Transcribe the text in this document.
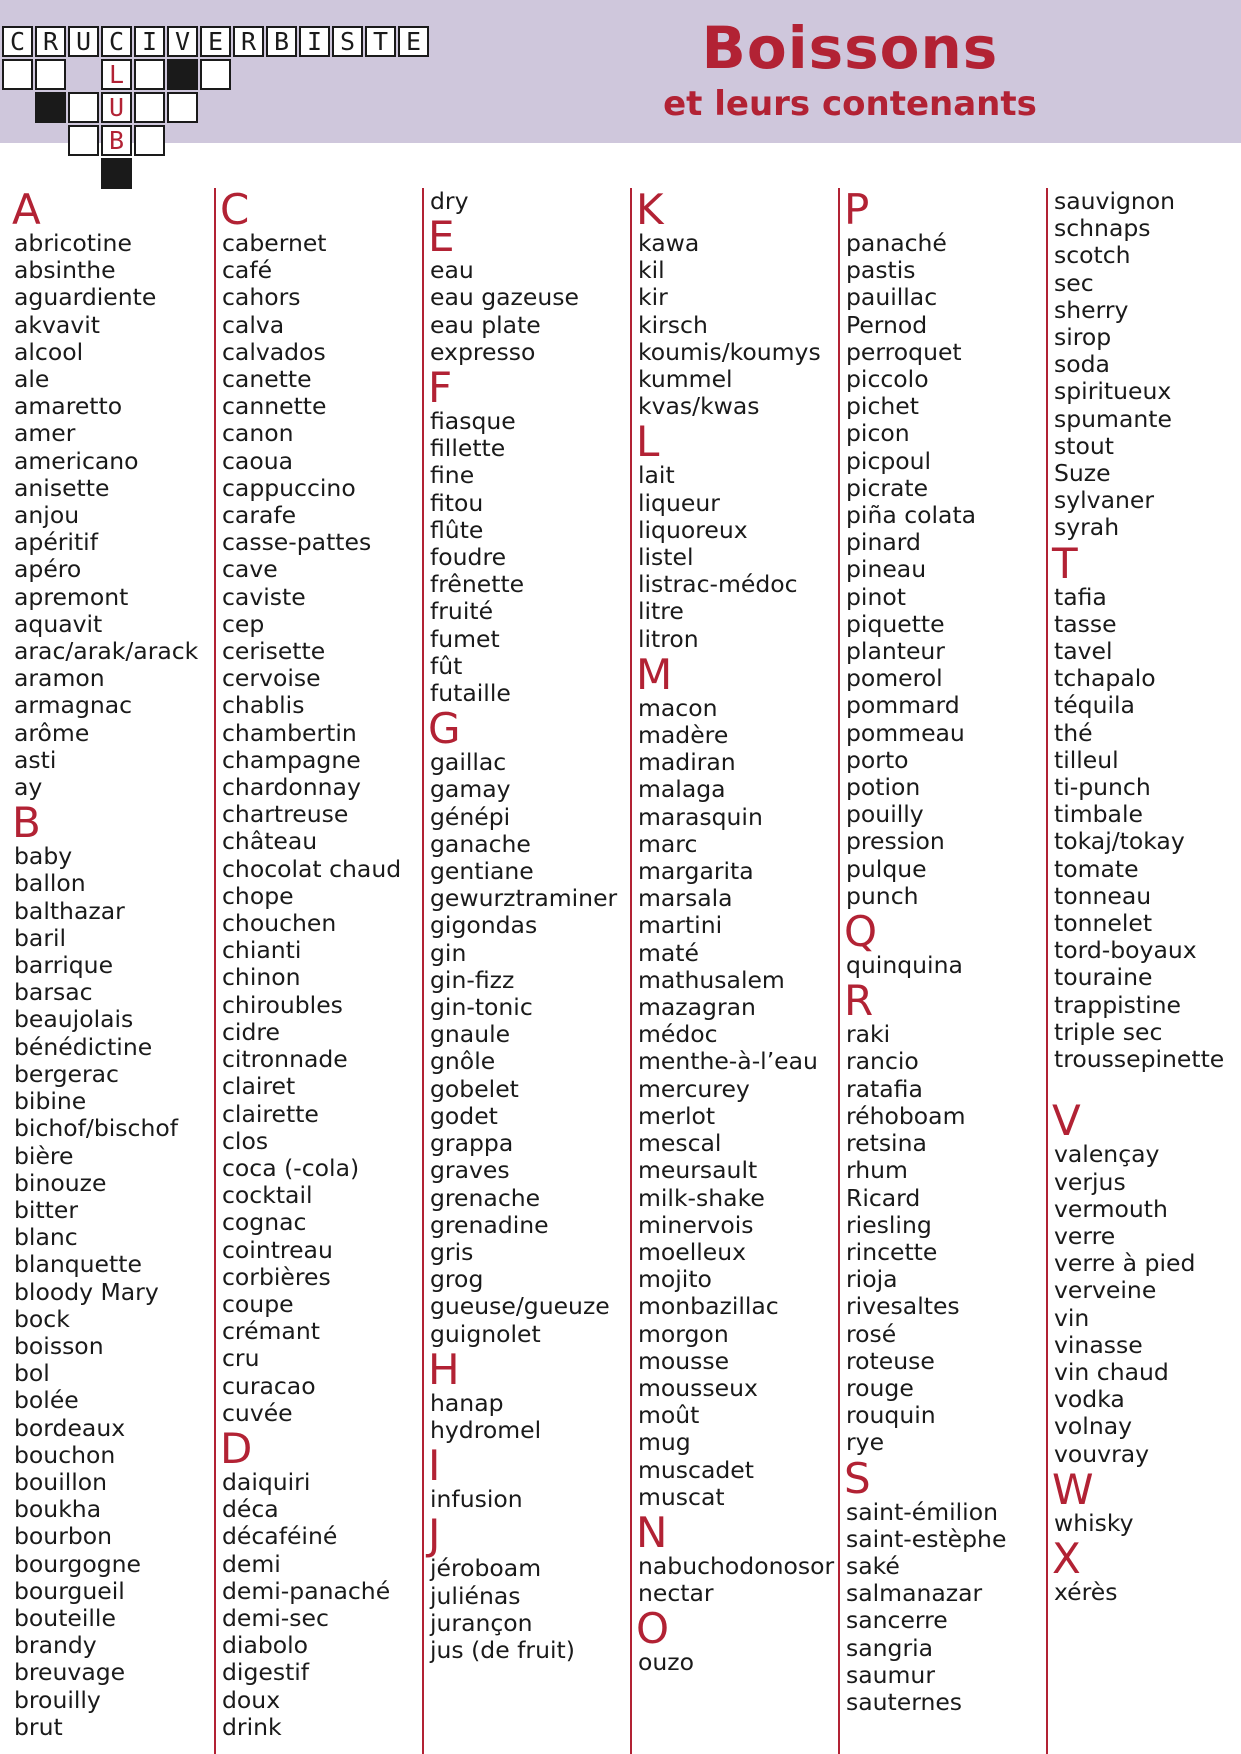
C R U C I V E R B I S T E
L
U
B
Boissons
et leurs contenants
A
abricotine
absinthe
aguardiente
akvavit
alcool
ale
amaretto
amer
americano
anisette
anjou
apéritif
apéro
apremont
aquavit
arac/arak/arack
aramon
armagnac
arôme
asti
ay
B
baby
ballon
balthazar
baril
barrique
barsac
beaujolais
bénédictine
bergerac
bibine
bichof/bischof
bière
binouze
bitter
blanc
blanquette
bloody Mary
bock
boisson
bol
bolée
bordeaux
bouchon
bouillon
boukha
bourbon
bourgogne
bourgueil
bouteille
brandy
breuvage
brouilly
brut
C
cabernet
café
cahors
calva
calvados
canette
cannette
canon
caoua
cappuccino
carafe
casse-pattes
cave
caviste
cep
cerisette
cervoise
chablis
chambertin
champagne
chardonnay
chartreuse
château
chocolat chaud
chope
chouchen
chianti
chinon
chiroubles
cidre
citronnade
clairet
clairette
clos
coca (-cola)
cocktail
cognac
cointreau
corbières
coupe
crémant
cru
curacao
cuvée
D
daiquiri
déca
décaféiné
demi
demi-panaché
demi-sec
diabolo
digestif
doux
drink
dry
E
eau
eau gazeuse
eau plate
expresso
F
fiasque
fillette
fine
fitou
flûte
foudre
frênette
fruité
fumet
fût
futaille
G
gaillac
gamay
génépi
ganache
gentiane
gewurztraminer
gigondas
gin
gin-fizz
gin-tonic
gnaule
gnôle
gobelet
godet
grappa
graves
grenache
grenadine
gris
grog
gueuse/gueuze
guignolet
H
hanap
hydromel
I
infusion
J
jéroboam
juliénas
jurançon
jus (de fruit)
K
kawa
kil
kir
kirsch
koumis/koumys
kummel
kvas/kwas
L
lait
liqueur
liquoreux
listel
listrac-médoc
litre
litron
M
macon
madère
madiran
malaga
marasquin
marc
margarita
marsala
martini
maté
mathusalem
mazagran
médoc
menthe-à-l’eau
mercurey
merlot
mescal
meursault
milk-shake
minervois
moelleux
mojito
monbazillac
morgon
mousse
mousseux
moût
mug
muscadet
muscat
N
nabuchodonosor
nectar
O
ouzo
P
panaché
pastis
pauillac
Pernod
perroquet
piccolo
pichet
picon
picpoul
picrate
piña colata
pinard
pineau
pinot
piquette
planteur
pomerol
pommard
pommeau
porto
potion
pouilly
pression
pulque
punch
Q
quinquina
R
raki
rancio
ratafia
réhoboam
retsina
rhum
Ricard
riesling
rincette
rioja
rivesaltes
rosé
roteuse
rouge
rouquin
rye
S
saint-émilion
saint-estèphe
saké
salmanazar
sancerre
sangria
saumur
sauternes
sauvignon
schnaps
scotch
sec
sherry
sirop
soda
spiritueux
spumante
stout
Suze
sylvaner
syrah
T
tafia
tasse
tavel
tchapalo
téquila
thé
tilleul
ti-punch
timbale
tokaj/tokay
tomate
tonneau
tonnelet
tord-boyaux
touraine
trappistine
triple sec
troussepinette
V
valençay
verjus
vermouth
verre
verre à pied
verveine
vin
vinasse
vin chaud
vodka
volnay
vouvray
W
whisky
X
xérès
